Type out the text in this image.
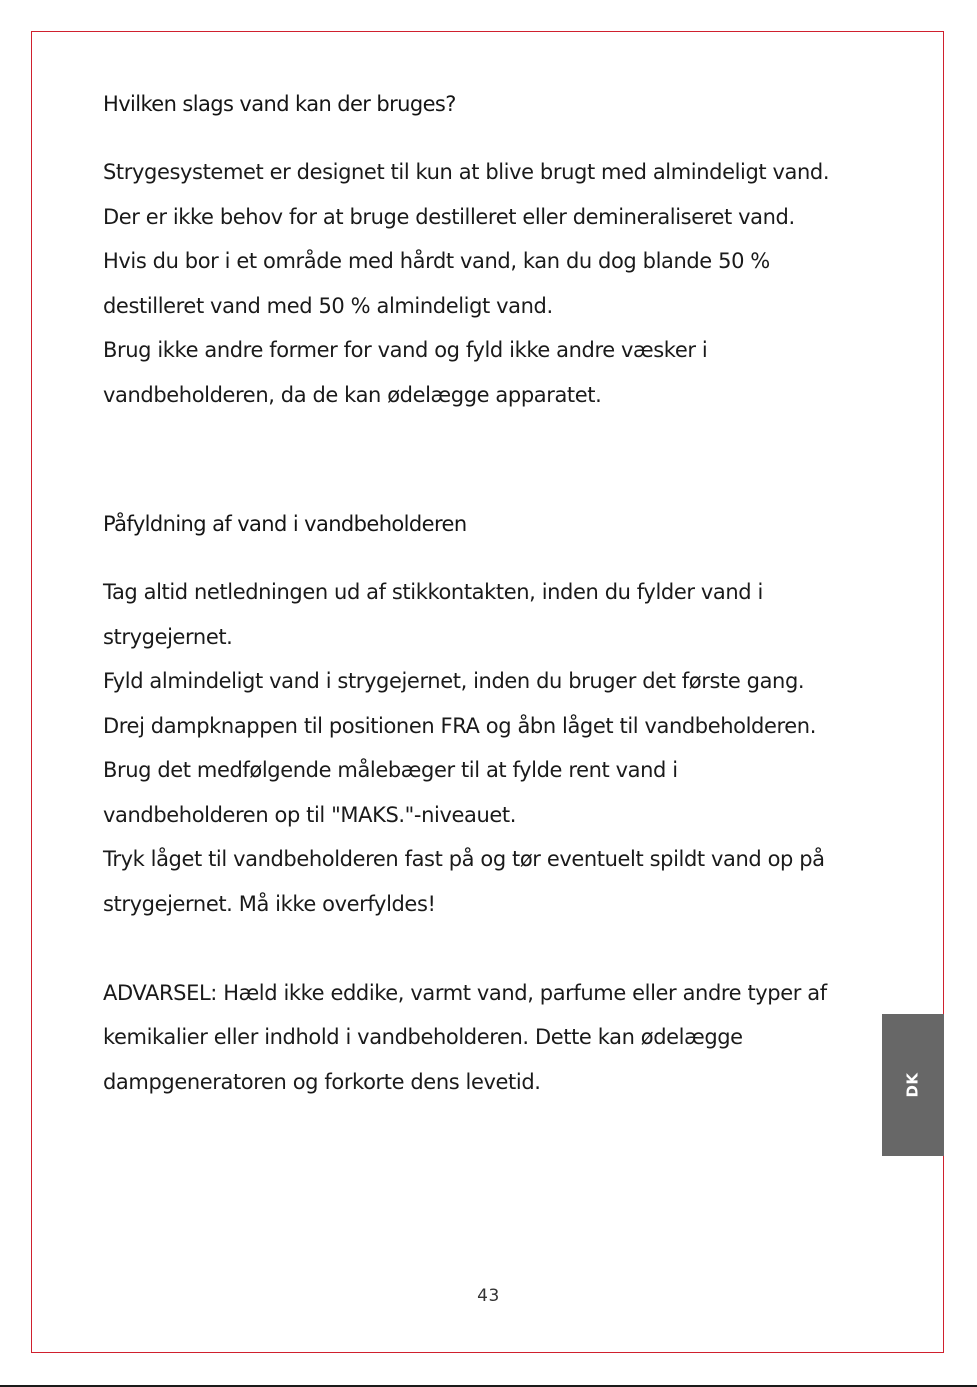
Hvilken slags vand kan der bruges?

Strygesystemet er designet til kun at blive brugt med almindeligt vand.

Der er ikke behov for at bruge destilleret eller demineraliseret vand.

Hvis du bor i et område med hårdt vand, kan du dog blande 50 %

destilleret vand med 50 % almindeligt vand.

Brug ikke andre former for vand og fyld ikke andre væsker i

vandbeholderen, da de kan ødelægge apparatet.

Påfyldning af vand i vandbeholderen

Tag altid netledningen ud af stikkontakten, inden du fylder vand i

strygejernet.

Fyld almindeligt vand i strygejernet, inden du bruger det første gang.

Drej dampknappen til positionen FRA og åbn låget til vandbeholderen.

Brug det medfølgende målebæger til at fylde rent vand i

vandbeholderen op til "MAKS."-niveauet.

Tryk låget til vandbeholderen fast på og tør eventuelt spildt vand op på

strygejernet. Må ikke overfyldes!

ADVARSEL: Hæld ikke eddike, varmt vand, parfume eller andre typer af

kemikalier eller indhold i vandbeholderen. Dette kan ødelægge

dampgeneratoren og forkorte dens levetid.	DK
43
